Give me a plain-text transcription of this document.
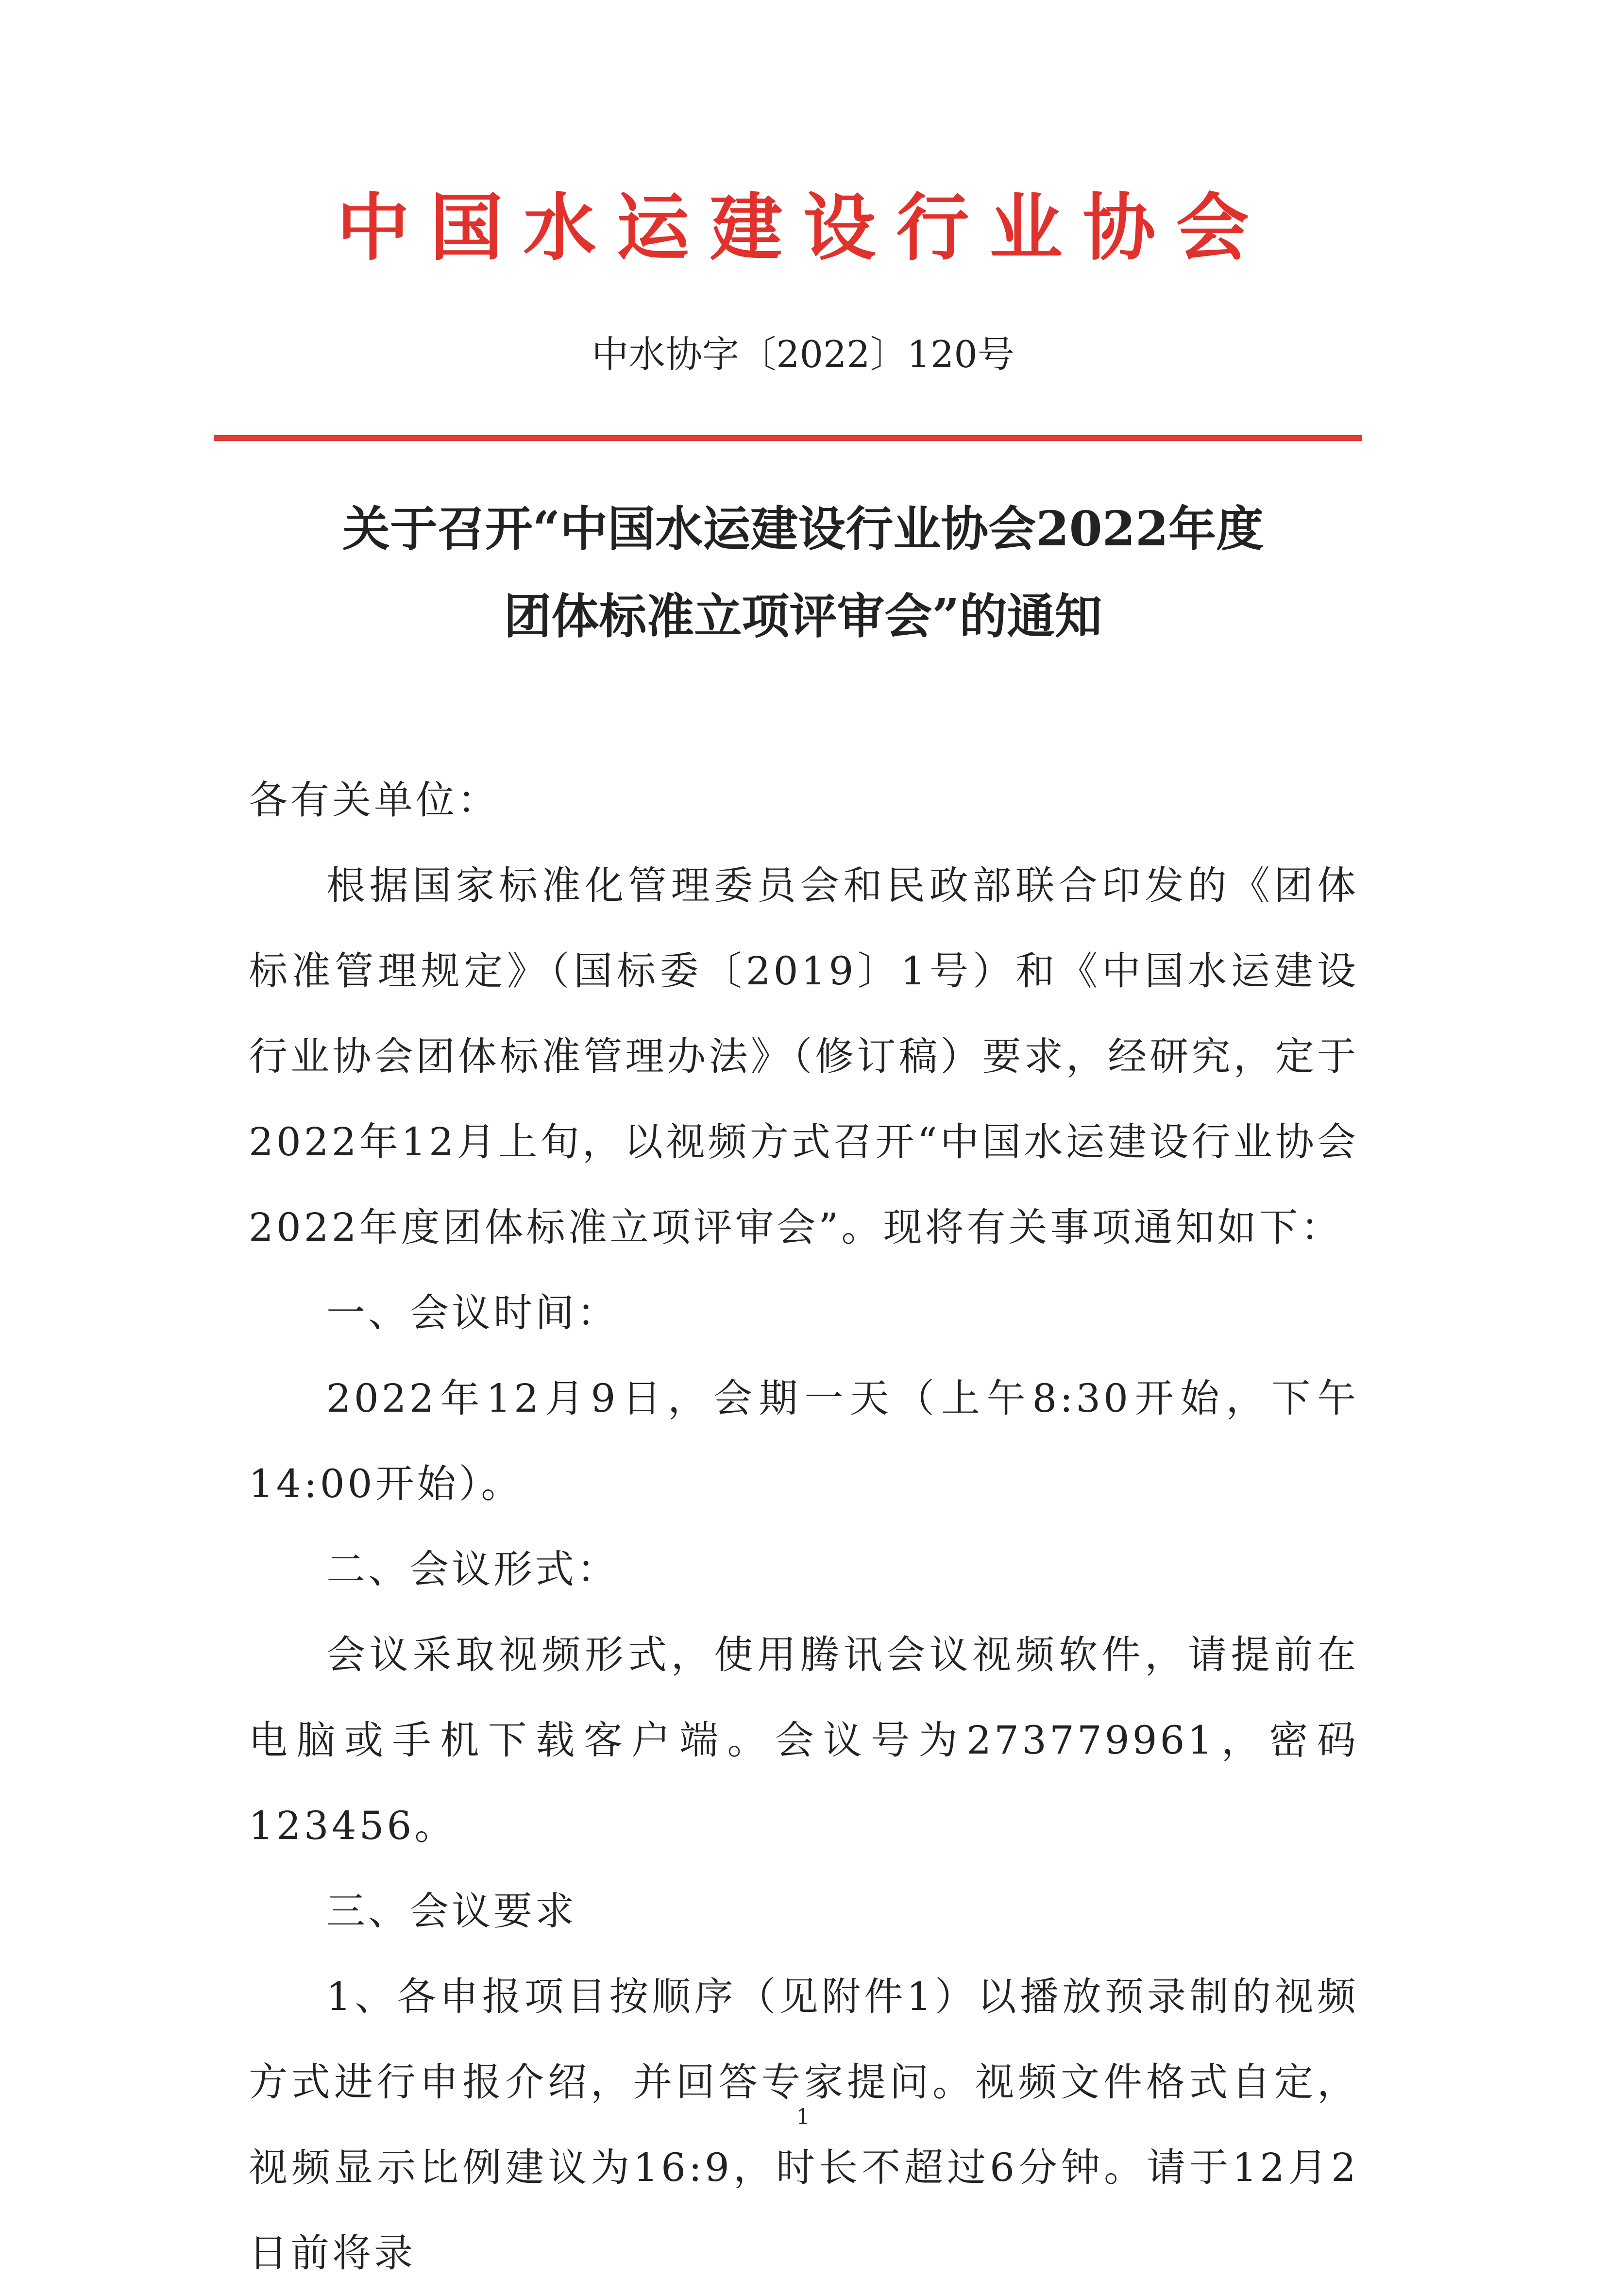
中国水运建设行业协会
中水协字〔2022〕120号
关于召开“中国水运建设行业协会2022年度
团体标准立项评审会”的通知

各有关单位：

根据国家标准化管理委员会和民政部联合印发的《团体标准管理规定》（国标委〔2019〕1号）和《中国水运建设行业协会团体标准管理办法》（修订稿）要求，经研究，定于2022年12月上旬，以视频方式召开“中国水运建设行业协会2022年度团体标准立项评审会”。现将有关事项通知如下：

一、会议时间：

2022年12月9日，会期一天（上午8:30开始，下午14:00开始）。

二、会议形式：

会议采取视频形式，使用腾讯会议视频软件，请提前在电脑或手机下载客户端。会议号为273779961，密码123456。

三、会议要求

1、各申报项目按顺序（见附件1）以播放预录制的视频方式进行申报介绍，并回答专家提问。视频文件格式自定，视频显示比例建议为16:9，时长不超过6分钟。请于12月2日前将录

1
